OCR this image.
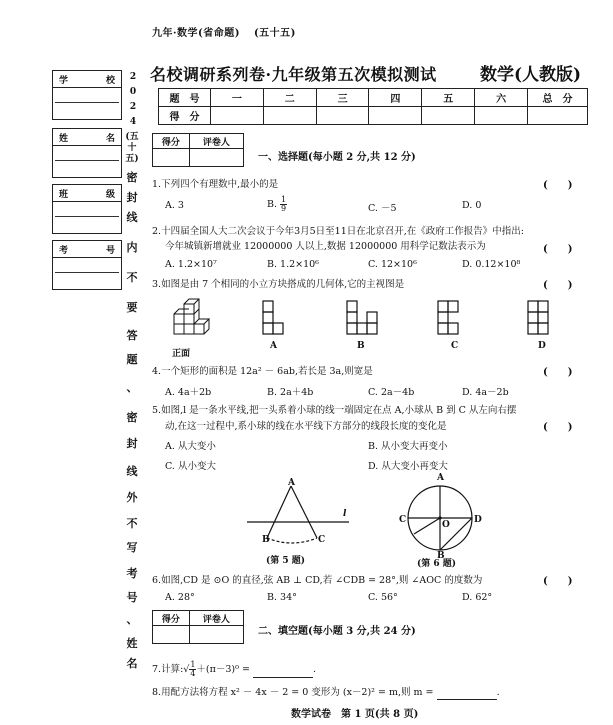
九年·数学(省命题) (五十五)
学	校
姓	名
班	级
考	号
2
0
2
4
(五十五)
密
封
线
内
不
要
答
题
、
密
封
线
外
不
写
考
号
、
姓
名
名校调研系列卷·九年级第五次模拟测试	数学(人教版)
题　号	一	二	三	四	五	六	总　分
得　分							
得分	评卷人

一、选择题(每小题 2 分,共 12 分)
1.下列四个有理数中,最小的是	(　　)
A. 3	B. $\frac{1}{9}$	C. －5	D. 0
2.十四届全国人大二次会议于今年3月5日至11日在北京召开,在《政府工作报告》中指出:
今年城镇新增就业 12000000 人以上,数据 12000000 用科学记数法表示为	(　　)
A. 1.2×10⁷	B. 1.2×10⁶	C. 12×10⁶	D. 0.12×10⁸
3.如图是由 7 个相同的小立方块搭成的几何体,它的主视图是	(　　)
正面
A	B	C	D
4.一个矩形的面积是 12a² － 6ab,若长是 3a,则宽是	(　　)
A. 4a＋2b	B. 2a＋4b	C. 2a－4b	D. 4a－2b
5.如图,l 是一条水平线,把一头系着小球的线一端固定在点 A,小球从 B 到 C 从左向右摆
动,在这一过程中,系小球的线在水平线下方部分的线段长度的变化是	(　　)
A. 从大变小	B. 从小变大再变小
C. 从小变大	D. 从大变小再变大
A
B	C
l
(第 5 题)
A
B
C	D
O
(第 6 题)
6.如图,CD 是 ⊙O 的直径,弦 AB ⊥ CD,若 ∠CDB = 28°,则 ∠AOC 的度数为	(　　)
A. 28°	B. 34°	C. 56°	D. 62°
得分	评卷人

二、填空题(每小题 3 分,共 24 分)
7.计算:√ $\frac{1}{4} +(\pi-3)^0$ =	.
8.用配方法将方程 x² － 4x － 2 = 0 变形为 (x－2)² = m,则 m =	.
数学试卷　第 1 页(共 8 页)
